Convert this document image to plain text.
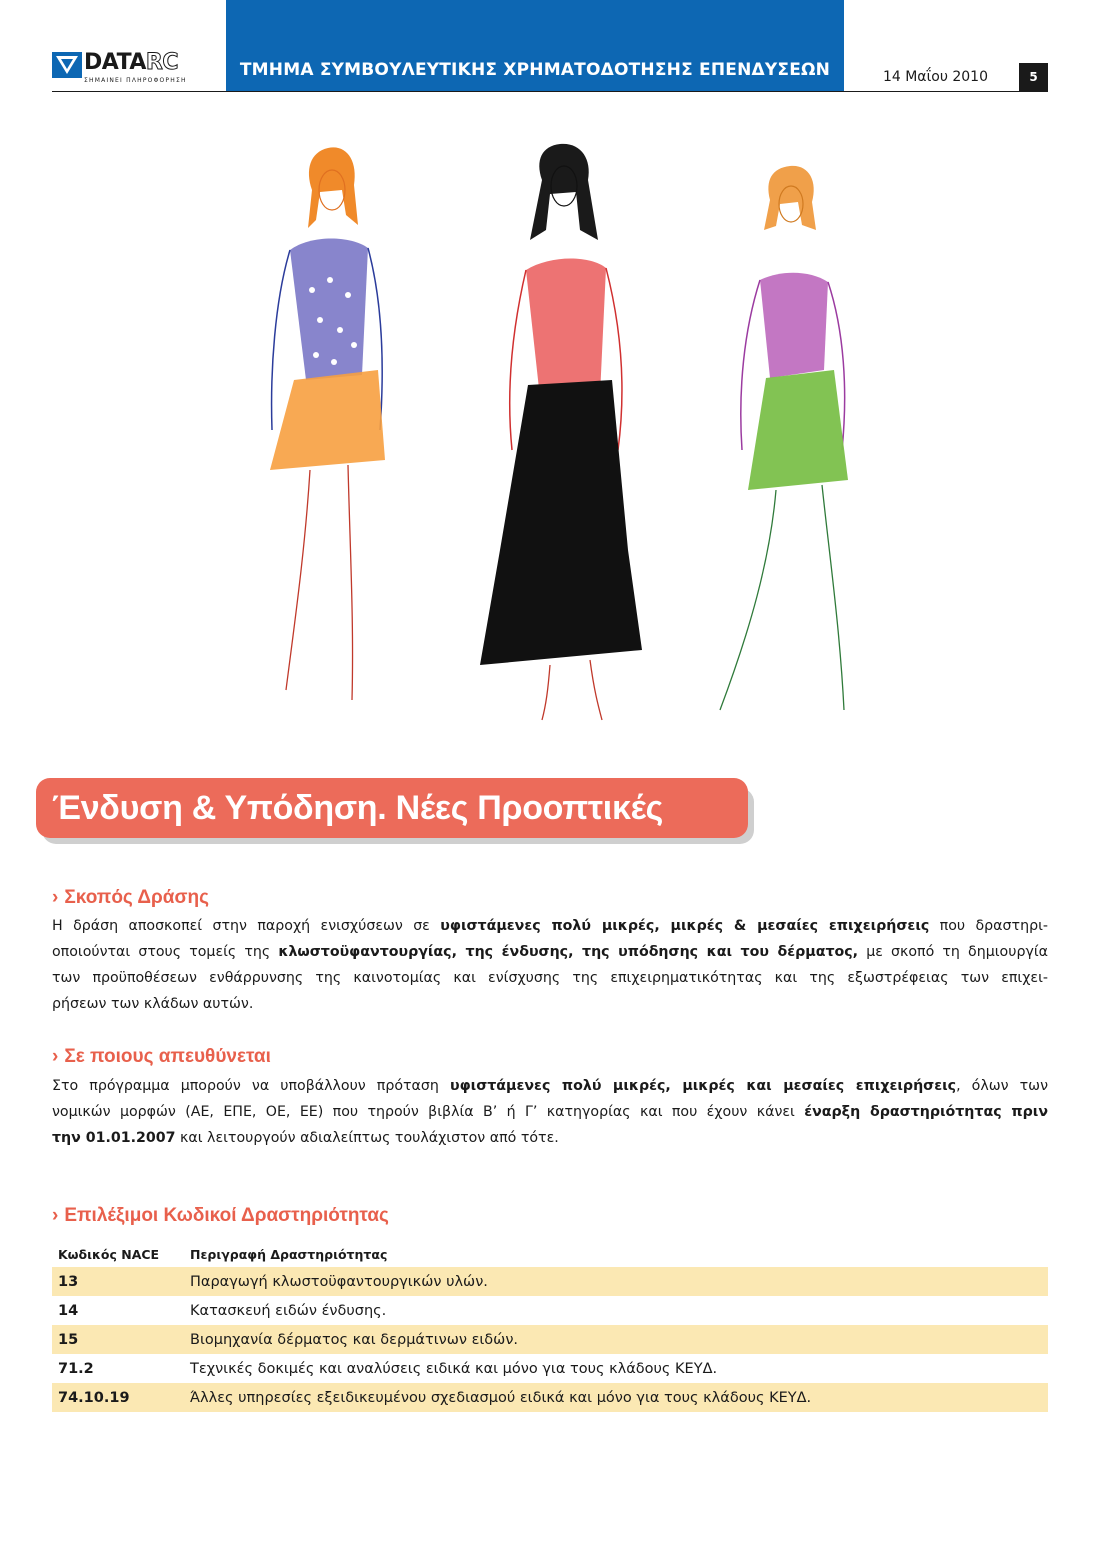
ΤΜΗΜΑ ΣΥΜΒΟΥΛΕΥΤΙΚΗΣ ΧΡΗΜΑΤΟΔΟΤΗΣΗΣ ΕΠΕΝΔΥΣΕΩΝ
DATARC
ΣΗΜΑΙΝΕΙ ΠΛΗΡΟΦΟΡΗΣΗ	14 Μαΐου 2010	5
Ένδυση & Υπόδηση. Νέες Προοπτικές
› Σκοπός Δράσης
Η δράση αποσκοπεί στην παροχή ενισχύσεων σε υφιστάμενες πολύ μικρές, μικρές & μεσαίες επιχειρήσεις που δραστηρι-
οποιούνται στους τομείς της κλωστοϋφαντουργίας, της ένδυσης, της υπόδησης και του δέρματος, με σκοπό τη δημιουργία
των προϋποθέσεων ενθάρρυνσης της καινοτομίας και ενίσχυσης της επιχειρηματικότητας και της εξωστρέφειας των επιχει-
ρήσεων των κλάδων αυτών.
› Σε ποιους απευθύνεται
Στο πρόγραμμα μπορούν να υποβάλλουν πρόταση υφιστάμενες πολύ μικρές, μικρές και μεσαίες επιχειρήσεις, όλων των
νομικών μορφών (ΑΕ, ΕΠΕ, ΟΕ, ΕΕ) που τηρούν βιβλία Β’ ή Γ’ κατηγορίας και που έχουν κάνει έναρξη δραστηριότητας πριν
την 01.01.2007 και λειτουργούν αδιαλείπτως τουλάχιστον από τότε.
› Επιλέξιμοι Κωδικοί Δραστηριότητας
Κωδικός NACE	Περιγραφή Δραστηριότητας
13	Παραγωγή κλωστοϋφαντουργικών υλών.
14	Κατασκευή ειδών ένδυσης.
15	Βιομηχανία δέρματος και δερμάτινων ειδών.
71.2	Τεχνικές δοκιμές και αναλύσεις ειδικά και μόνο για τους κλάδους ΚΕΥΔ.
74.10.19	Άλλες υπηρεσίες εξειδικευμένου σχεδιασμού ειδικά και μόνο για τους κλάδους ΚΕΥΔ.
